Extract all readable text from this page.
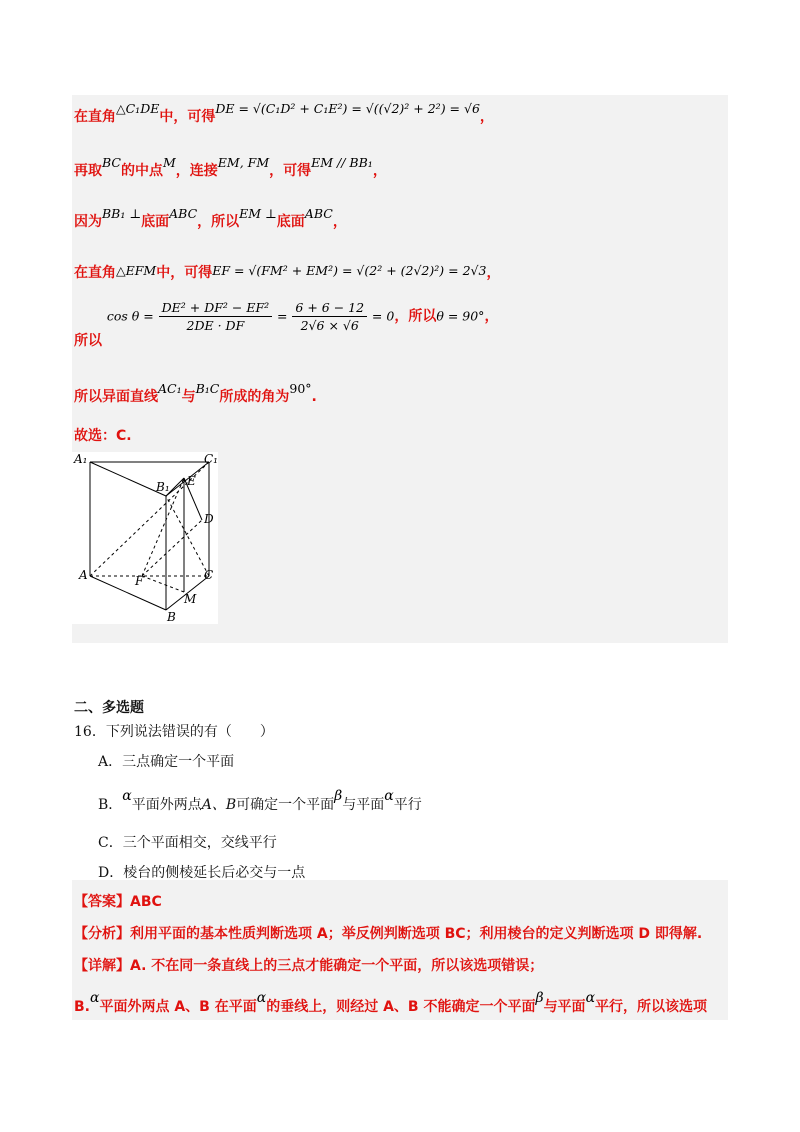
在直角△C₁DE中，可得DE = √(C₁D² + C₁E²) = √((√2)² + 2²) = √6，
再取BC的中点M，连接EM, FM，可得EM // BB₁，
因为BB₁ ⊥底面ABC，所以EM ⊥底面ABC，
在直角△EFM中，可得EF = √(FM² + EM²) = √(2² + (2√2)²) = 2√3，
所以 $\cos \theta = \frac{\text{DE² + DF² − EF²}}{2DE \cdot DF} = \frac{6 + 6 - 12}{2√6 \times √6} = 0$，所以θ = 90°，
所以异面直线AC₁与B₁C所成的角为90°.
故选：C.
A₁	C₁
B₁ E
D
A	C
F
M
B
二、多选题
16．下列说法错误的有（　　）
A．三点确定一个平面
B．α平面外两点A、B可确定一个平面β与平面α平行
C．三个平面相交，交线平行
D．棱台的侧棱延长后必交与一点
【答案】ABC
【分析】利用平面的基本性质判断选项 A；举反例判断选项 BC；利用棱台的定义判断选项 D 即得解.
【详解】A. 不在同一条直线上的三点才能确定一个平面，所以该选项错误；
B.α平面外两点 A、B 在平面α的垂线上，则经过 A、B 不能确定一个平面β与平面α平行，所以该选项
